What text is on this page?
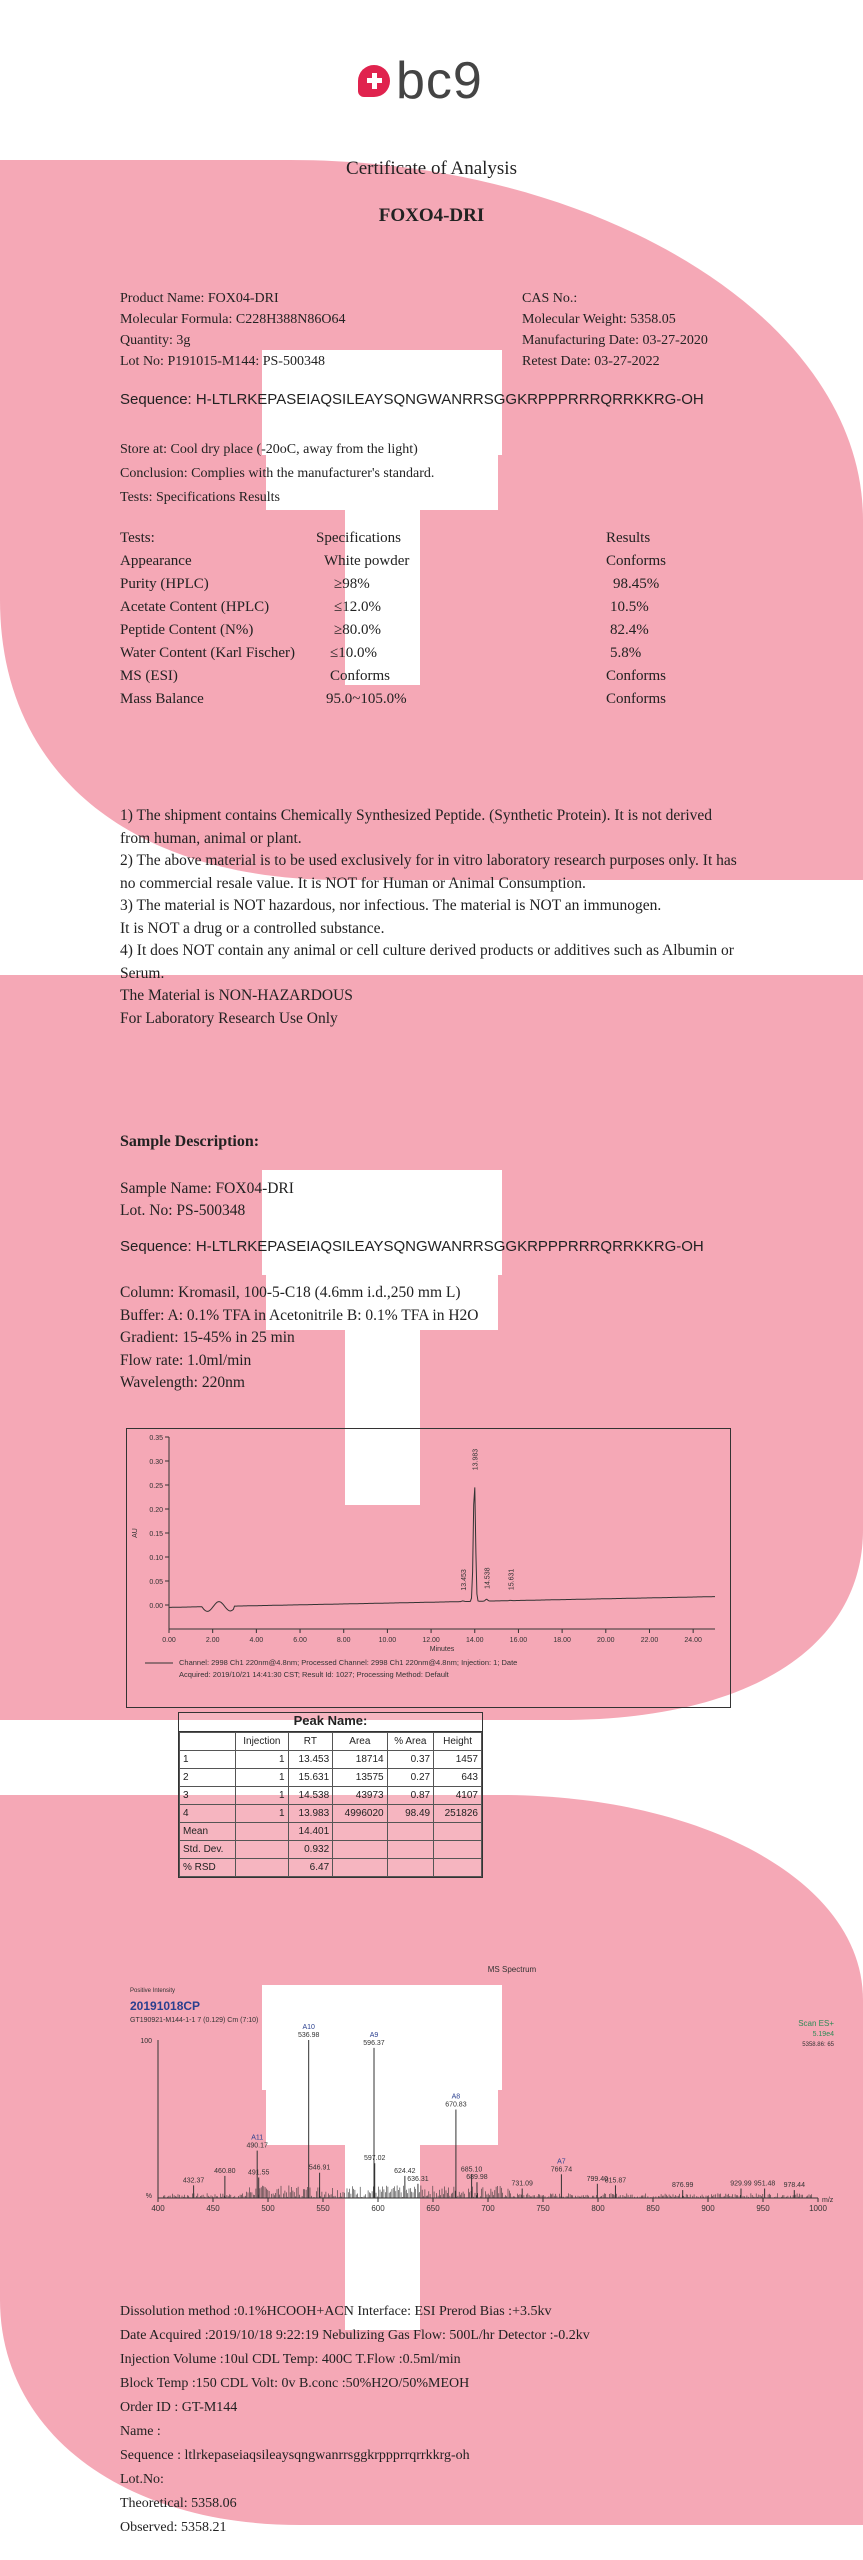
bc9
Certificate of Analysis
FOXO4-DRI
Product Name: FOX04-DRI
Molecular Formula: C228H388N86O64
Quantity: 3g
Lot No: P191015-M144: PS-500348
CAS No.:
Molecular Weight: 5358.05
Manufacturing Date: 03-27-2020
Retest Date: 03-27-2022
Sequence: H-LTLRKEPASEIAQSILEAYSQNGWANRRSGGKRPPPRRRQRRKKRG-OH
Store at: Cool dry place (-20oC, away from the light)
Conclusion: Complies with the manufacturer's standard.
Tests: Specifications Results
Tests:	Specifications	Results
Appearance	White powder	Conforms
Purity (HPLC)	≥98%	98.45%
Acetate Content (HPLC)	≤12.0%	10.5%
Peptide Content (N%)	≥80.0%	82.4%
Water Content (Karl Fischer) ≤10.0%	5.8%
MS (ESI)	Conforms	Conforms
Mass Balance	95.0~105.0%	Conforms

1) The shipment contains Chemically Synthesized Peptide. (Synthetic Protein). It is not derived from human, animal or plant.

2) The above material is to be used exclusively for in vitro laboratory research purposes only. It has no commercial resale value. It is NOT for Human or Animal Consumption.

3) The material is NOT hazardous, nor infectious. The material is NOT an immunogen.

It is NOT a drug or a controlled substance.

4) It does NOT contain any animal or cell culture derived products or additives such as Albumin or Serum.

The Material is NON-HAZARDOUS

For Laboratory Research Use Only

Sample Description:
Sample Name: FOX04-DRI
Lot. No: PS-500348
Sequence: H-LTLRKEPASEIAQSILEAYSQNGWANRRSGGKRPPPRRRQRRKKRG-OH
Column: Kromasil, 100-5-C18 (4.6mm i.d.,250 mm L)
Buffer: A: 0.1% TFA in Acetonitrile B: 0.1% TFA in H2O
Gradient: 15-45% in 25 min
Flow rate: 1.0ml/min
Wavelength: 220nm
0.35
0.30
0.25
0.20
0.15
0.10
0.05
0.00
0.00	2.00	4.00	6.00	8.00	10.00	12.00	14.00	16.00	18.00	20.00	22.00	24.00
Minutes
AU
13.453
13.983
14.538 15.631
Channel: 2998 Ch1 220nm@4.8nm; Processed Channel: 2998 Ch1 220nm@4.8nm; Injection: 1; Date
Acquired: 2019/10/21 14:41:30 CST; Result Id: 1027; Processing Method: Default
Peak Name:
	Injection	RT	Area	% Area	Height
1	1	13.453	18714	0.37	1457
2	1	15.631	13575	0.27	643
3	1	14.538	43973	0.87	4107
4	1	13.983	4996020	98.49	251826
Mean		14.401			
Std. Dev.		0.932			
% RSD		6.47			
MS Spectrum
Positive Intensity
20191018CP
GT190921-M144-1-1 7 (0.129) Cm (7:10)	Scan ES+
5.19e4
5358.86: 65
100
%
400	450	500	550	600	650	700	750	800	850	900	950	1000
m/z
432.37
460.80
A11
490.17
491.55
A10
536.98
546.91
A9
596.37
597.02
624.42
636.31
A8
670.83
685.10
689.98
731.09
A7
766.74
799.40
815.87
876.99	929.99 951.48 978.44
Dissolution method :0.1%HCOOH+ACN Interface: ESI Prerod Bias :+3.5kv
Date Acquired :2019/10/18 9:22:19 Nebulizing Gas Flow: 500L/hr Detector :-0.2kv
Injection Volume :10ul CDL Temp: 400C T.Flow :0.5ml/min
Block Temp :150 CDL Volt: 0v B.conc :50%H2O/50%MEOH
Order ID : GT-M144
Name :
Sequence : ltlrkepaseiaqsileaysqngwanrrsggkrppprrqrrkkrg-oh
Lot.No:
Theoretical: 5358.06
Observed: 5358.21
